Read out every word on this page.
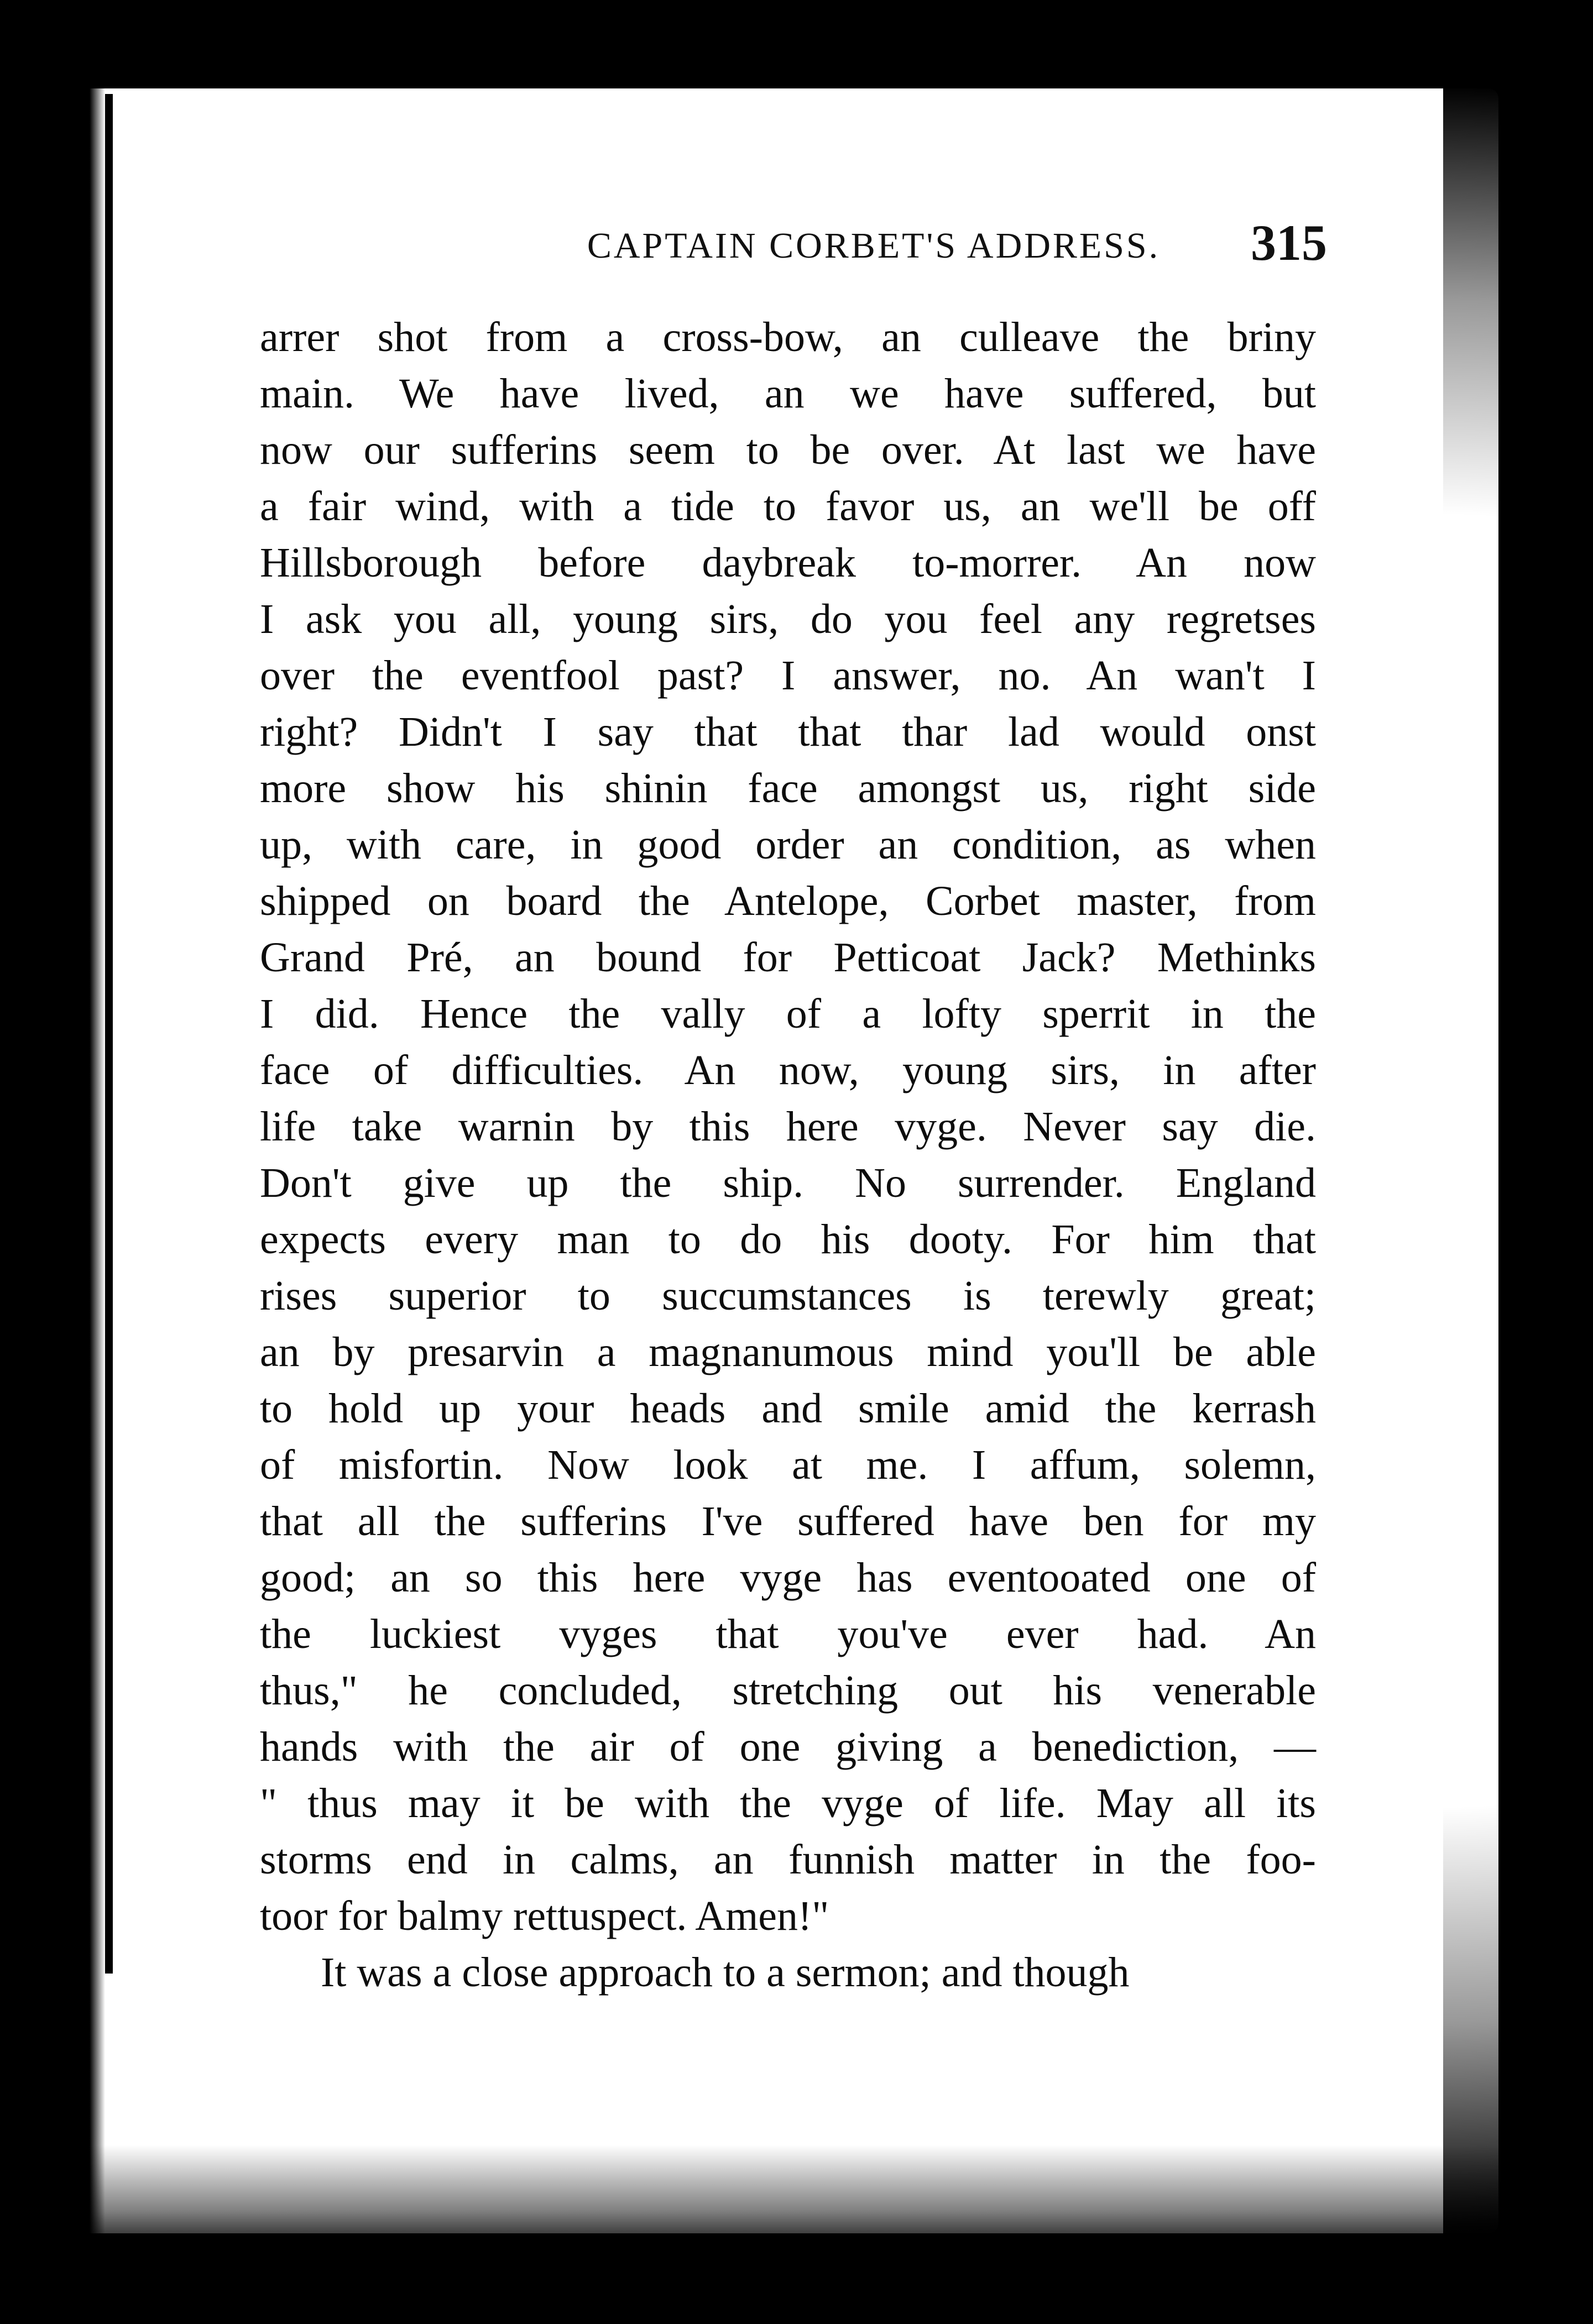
CAPTAIN CORBET'S ADDRESS.	315
arrer shot from a cross-bow, an culleave the briny
main. We have lived, an we have suffered, but
now our sufferins seem to be over. At last we have
a fair wind, with a tide to favor us, an we'll be off
Hillsborough before daybreak to-morrer. An now
I ask you all, young sirs, do you feel any regretses
over the eventfool past? I answer, no. An wan't I
right? Didn't I say that that thar lad would onst
more show his shinin face amongst us, right side
up, with care, in good order an condition, as when
shipped on board the Antelope, Corbet master, from
Grand Pré, an bound for Petticoat Jack? Methinks
I did. Hence the vally of a lofty sperrit in the
face of difficulties. An now, young sirs, in after
life take warnin by this here vyge. Never say die.
Don't give up the ship. No surrender. England
expects every man to do his dooty. For him that
rises superior to succumstances is terewly great;
an by presarvin a magnanumous mind you'll be able
to hold up your heads and smile amid the kerrash
of misfortin. Now look at me. I affum, solemn,
that all the sufferins I've suffered have ben for my
good; an so this here vyge has eventooated one of
the luckiest vyges that you've ever had. An
thus," he concluded, stretching out his venerable
hands with the air of one giving a benediction, —
" thus may it be with the vyge of life. May all its
storms end in calms, an funnish matter in the foo-
toor for balmy rettuspect. Amen!"
It was a close approach to a sermon; and though
